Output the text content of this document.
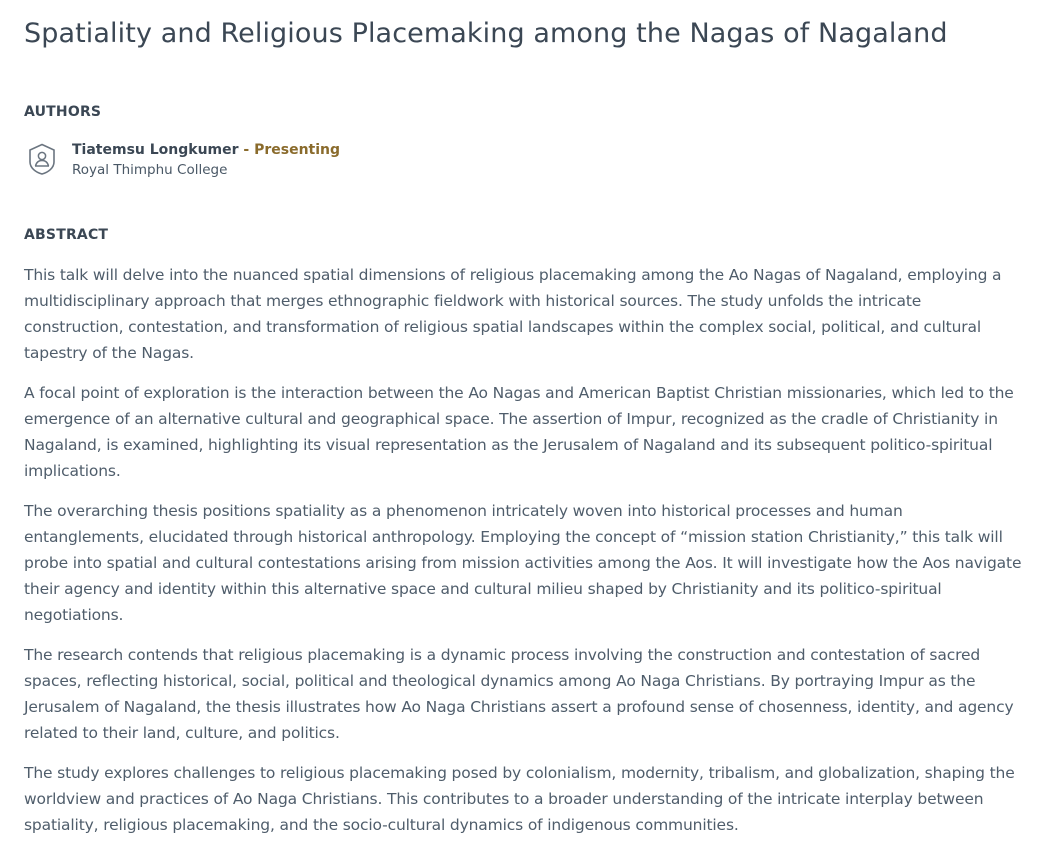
Spatiality and Religious Placemaking among the Nagas of Nagaland
AUTHORS
Tiatemsu Longkumer - Presenting
Royal Thimphu College
ABSTRACT

This talk will delve into the nuanced spatial dimensions of religious placemaking among the Ao Nagas of Nagaland, employing a multidisciplinary approach that merges ethnographic fieldwork with historical sources. The study unfolds the intricate construction, contestation, and transformation of religious spatial landscapes within the complex social, political, and cultural tapestry of the Nagas.

A focal point of exploration is the interaction between the Ao Nagas and American Baptist Christian missionaries, which led to the emergence of an alternative cultural and geographical space. The assertion of Impur, recognized as the cradle of Christianity in Nagaland, is examined, highlighting its visual representation as the Jerusalem of Nagaland and its subsequent politico-spiritual implications.

The overarching thesis positions spatiality as a phenomenon intricately woven into historical processes and human entanglements, elucidated through historical anthropology. Employing the concept of “mission station Christianity,” this talk will probe into spatial and cultural contestations arising from mission activities among the Aos. It will investigate how the Aos navigate their agency and identity within this alternative space and cultural milieu shaped by Christianity and its politico-spiritual negotiations.

The research contends that religious placemaking is a dynamic process involving the construction and contestation of sacred spaces, reflecting historical, social, political and theological dynamics among Ao Naga Christians. By portraying Impur as the Jerusalem of Nagaland, the thesis illustrates how Ao Naga Christians assert a profound sense of chosenness, identity, and agency related to their land, culture, and politics.

The study explores challenges to religious placemaking posed by colonialism, modernity, tribalism, and globalization, shaping the worldview and practices of Ao Naga Christians. This contributes to a broader understanding of the intricate interplay between spatiality, religious placemaking, and the socio-cultural dynamics of indigenous communities.
